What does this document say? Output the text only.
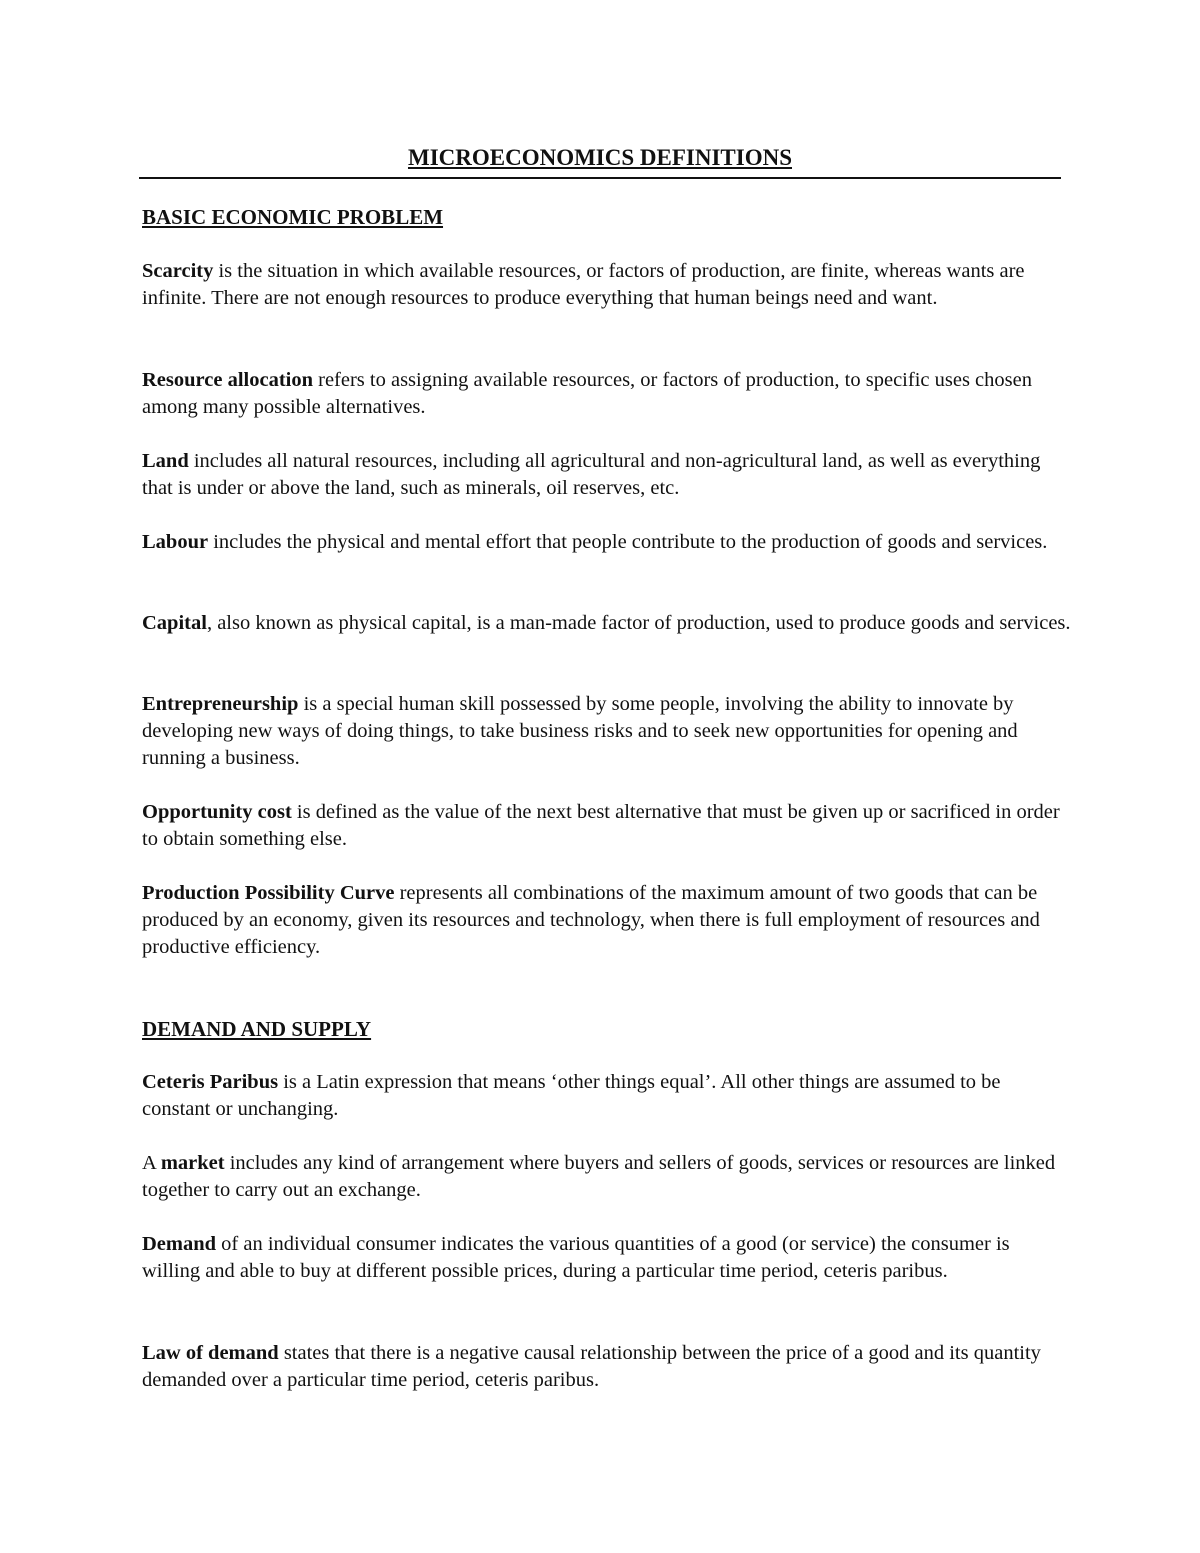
MICROECONOMICS DEFINITIONS
BASIC ECONOMIC PROBLEM

Scarcity is the situation in which available resources, or factors of production, are finite, whereas wants are infinite. There are not enough resources to produce everything that human beings need and want.

Resource allocation refers to assigning available resources, or factors of production, to specific uses chosen among many possible alternatives.

Land includes all natural resources, including all agricultural and non-agricultural land, as well as everything that is under or above the land, such as minerals, oil reserves, etc.

Labour includes the physical and mental effort that people contribute to the production of goods and services.

Capital, also known as physical capital, is a man-made factor of production, used to produce goods and services.

Entrepreneurship is a special human skill possessed by some people, involving the ability to innovate by developing new ways of doing things, to take business risks and to seek new opportunities for opening and running a business.

Opportunity cost is defined as the value of the next best alternative that must be given up or sacrificed in order to obtain something else.

Production Possibility Curve represents all combinations of the maximum amount of two goods that can be produced by an economy, given its resources and technology, when there is full employment of resources and productive efficiency.

DEMAND AND SUPPLY

Ceteris Paribus is a Latin expression that means ‘other things equal’. All other things are assumed to be constant or unchanging.

A market includes any kind of arrangement where buyers and sellers of goods, services or resources are linked together to carry out an exchange.

Demand of an individual consumer indicates the various quantities of a good (or service) the consumer is willing and able to buy at different possible prices, during a particular time period, ceteris paribus.

Law of demand states that there is a negative causal relationship between the price of a good and its quantity demanded over a particular time period, ceteris paribus.
